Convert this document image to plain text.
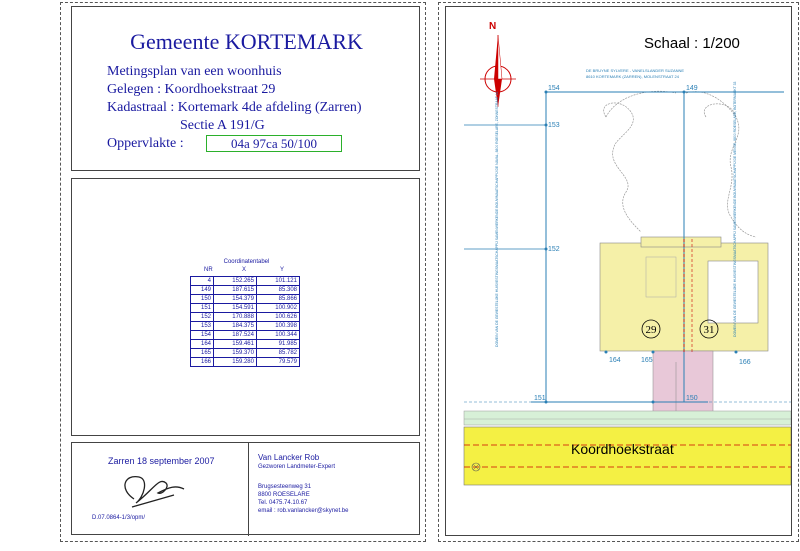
Gemeente KORTEMARK
Metingsplan van een woonhuis
Gelegen : Koordhoekstraat 29
Kadastraal : Kortemark 4de afdeling (Zarren)
Sectie A 191/G
Oppervlakte :	04a 97ca 50/100
Coordinatentabel
NR	X	Y
4	152.265	101.121
149	187.615	85.308
150	154.379	85.866
151	154.591	100.902
152	170.888	100.626
153	184.375	100.398
154	187.524	100.344
164	159.461	91.985
165	159.370	85.782
166	159.280	79.579
Zarren 18 september 2007
D.07.0864-1/3/opm/
Van Lancker Rob
Gezworen Landmeter-Expert
Brugsesteenweg 31
8800 ROESELARE
Tel. 0475.74.10.67
email : rob.vanlancker@skynet.be
Schaal : 1/200
N
154	149
153
152
164	165	166
151	150
29	31
DE BRUYNE SYLVERE - VANELSLANDER SUZANNE
8610 KORTEMARK (ZARREN), MOLENSTRAAT 24
DOMEIN VAN DE GEWESTELIJKE HUISVESTINGSMAATSCHAPPIJ SAMENWERKENDE BOUWMAATSCHAPPIJ DE NAVAL, 8800 ROESELARE, ZONNESTRAAT 16	DOMEIN VAN DE GEWESTELIJKE HUISVESTINGSMAATSCHAPPIJ SAMENWERKENDE BOUWMAATSCHAPPIJ DE MENSE, 8800 ROESELARE, BOTERMARKT 33
Koordhoekstraat
